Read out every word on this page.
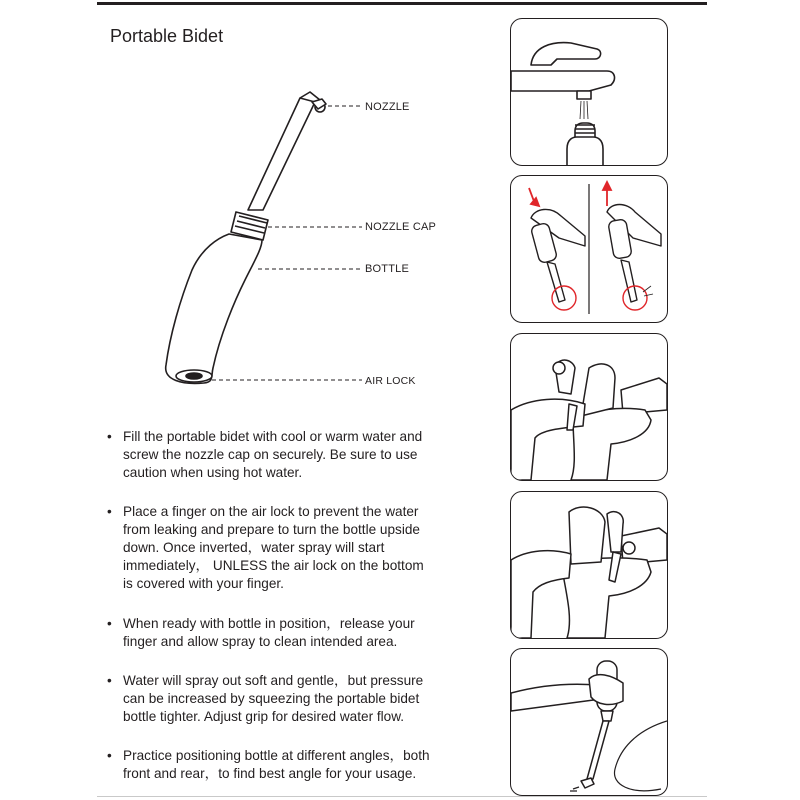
Portable Bidet
NOZZLE
NOZZLE CAP
BOTTLE
AIR LOCK
• Fill the portable bidet with cool or warm water and
screw the nozzle cap on securely. Be sure to use
caution when using hot water.
• Place a finger on the air lock to prevent the water
from leaking and prepare to turn the bottle upside
down. Once inverted，water spray will start
immediately， UNLESS the air lock on the bottom
is covered with your finger.
• When ready with bottle in position，release your
finger and allow spray to clean intended area.
• Water will spray out soft and gentle，but pressure
can be increased by squeezing the portable bidet
bottle tighter. Adjust grip for desired water flow.
• Practice positioning bottle at different angles，both
front and rear，to find best angle for your usage.
